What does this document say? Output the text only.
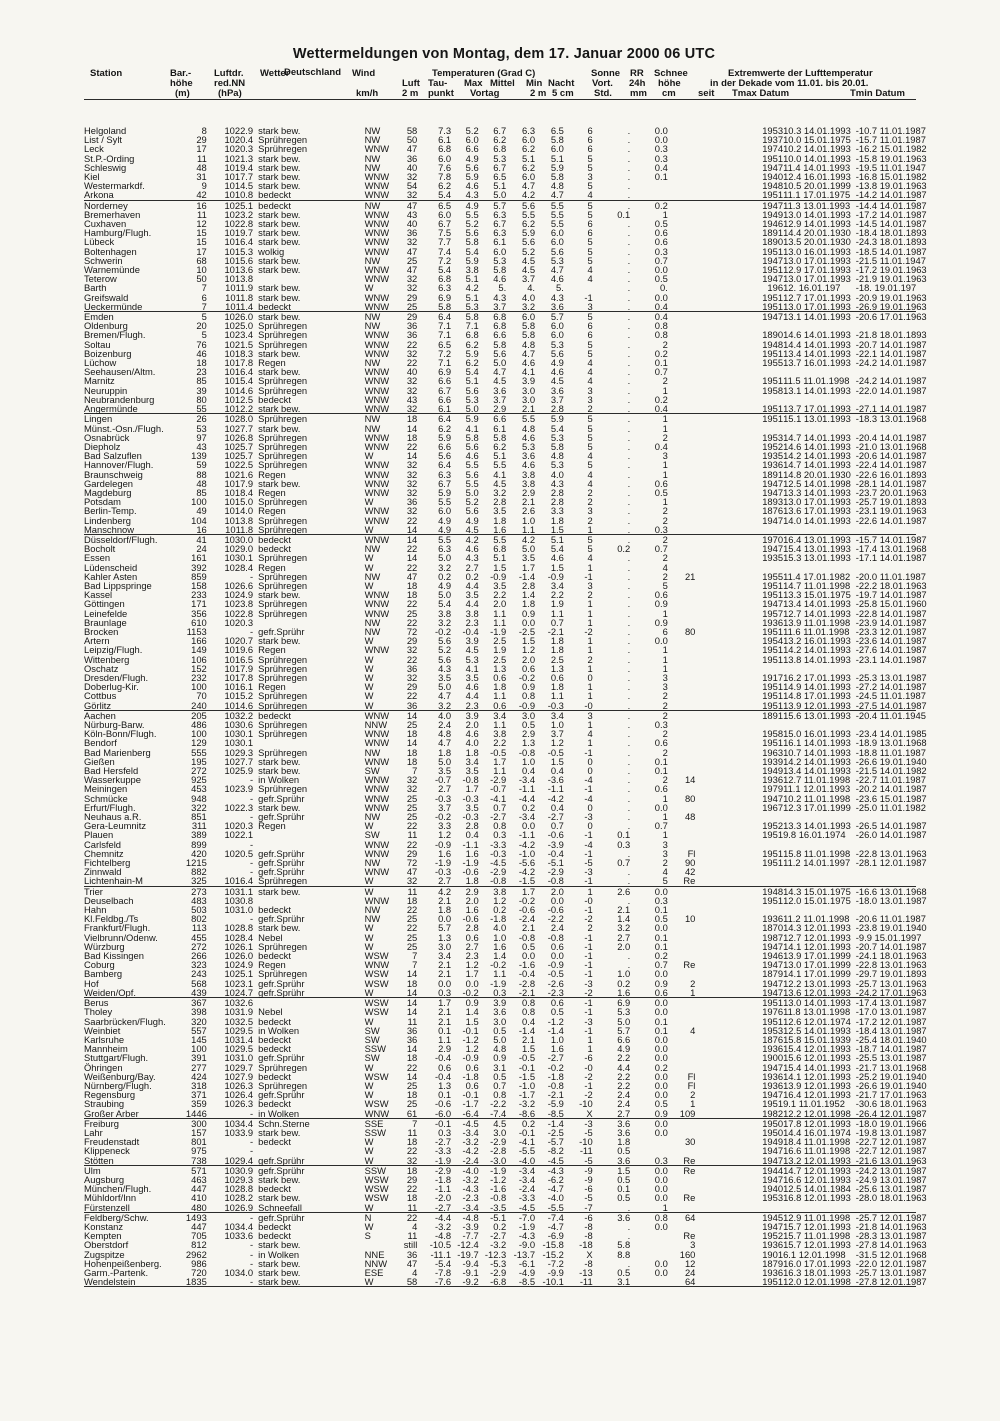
Wettermeldungen von Montag, dem 17. Januar 2000 06 UTC
Deutschland
Station	Bar.-
höhe
(m)
Luftdr.
red.NN
(hPa)
Wetter	Wind
km/h
Temperaturen (Grad C)
Luft
2 m
Tau-
punkt
Max Mittel
Vortag
Min
2 m
Nacht
5 cm
Sonne
Vort.
Std.
RR
24h
mm
Schnee
höhe
cm
Extremwerte der Lufttemperatur
in der Dekade vom 11.01. bis 20.01.
seit Tmax Datum	Tmin Datum
Helgoland	8	1022.9	stark bew.	NW	58	7.3	5.2	6.7	6.3	6.5	6	.	0.0			1953	10.3 14.01.1993	-10.7 11.01.1987
List / Sylt	29	1020.4	Sprühregen	NW	50	6.1	6.0	6.2	6.0	5.8	6	.	0.0			1937	10.0 15.01.1975	-15.7 11.01.1987
Leck	17	1020.3	Sprühregen	WNW	47	6.8	6.6	6.8	6.2	6.0	6	.	0.3			1974	10.2 14.01.1993	-16.2 15.01.1982
St.P.-Ording	11	1021.3	stark bew.	NW	36	6.0	4.9	5.3	5.1	5.1	5	.	0.3			1951	10.0 14.01.1993	-15.8 19.01.1963
Schleswig	48	1019.4	stark bew.	NW	40	7.6	5.6	6.7	6.2	5.9	5	.	0.4			1947	11.4 14.01.1993	-19.5 11.01.1947
Kiel	31	1017.7	stark bew.	WNW	32	7.8	5.9	6.5	6.0	5.8	3	.	0.1			1940	12.4 16.01.1993	-16.8 15.01.1982
Westermarkdf.	9	1014.5	stark bew.	WNW	54	6.2	4.6	5.1	4.7	4.8	5	.				1948	10.5 20.01.1999	-13.8 19.01.1963
Arkona	42	1010.8	bedeckt	WNW	32	5.4	4.3	5.0	4.2	4.7	4	.				1951	11.1 17.01.1975	-14.2 14.01.1987
Norderney	16	1025.1	bedeckt	NW	47	6.5	4.9	5.7	5.6	5.5	5	.	0.2			1947	11.3 13.01.1993	-14.4 14.01.1987
Bremerhaven	11	1023.2	stark bew.	WNW	43	6.0	5.5	6.3	5.5	5.5	5	0.1	1			1949	13.0 14.01.1993	-17.2 14.01.1987
Cuxhaven	12	1022.8	stark bew.	WNW	40	6.7	5.2	6.7	6.2	5.5	6	.	0.5			1946	12.9 14.01.1993	-14.5 14.01.1987
Hamburg/Flugh.	15	1019.7	stark bew.	WNW	36	7.5	5.6	6.3	5.9	6.0	6	.	0.6			1891	14.4 20.01.1930	-18.4 18.01.1893
Lübeck	15	1016.4	stark bew.	WNW	32	7.7	5.8	6.1	5.6	6.0	5	.	0.6			1890	13.5 20.01.1930	-24.3 18.01.1893
Boltenhagen	17	1015.3	wolkig	WNW	47	7.4	5.4	6.0	5.2	5.6	5	.	0.3			1951	13.0 16.01.1993	-18.5 14.01.1987
Schwerin	68	1015.6	stark bew.	NW	25	7.2	5.9	5.3	4.5	5.3	5	.	0.7			1947	13.0 17.01.1993	-21.5 11.01.1947
Warnemünde	10	1013.6	stark bew.	WNW	47	5.4	3.8	5.8	4.5	4.7	4	.	0.0			1951	12.9 17.01.1993	-17.2 19.01.1963
Teterow	50	1013.8		WNW	32	6.8	5.1	4.6	3.7	4.6	4	.	0.5			1947	13.0 17.01.1993	-21.9 19.01.1963
Barth	7	1011.9	stark bew.	W	32	6.3	4.2	5.	4.	5.		.	0.			196	12. 16.01.197	-18. 19.01.197
Greifswald	6	1011.8	stark bew.	WNW	29	6.9	5.1	4.3	4.0	4.3	-1	.	0.0			1951	12.7 17.01.1993	-20.9 19.01.1963
Ueckermünde	7	1011.4	bedeckt	WNW	25	5.8	5.3	3.7	3.2	3.6	3	.	0.4			1951	13.0 17.01.1993	-26.9 19.01.1963
Emden	5	1026.0	stark bew.	NW	29	6.4	5.8	6.8	6.0	5.7	5	.	0.4			1947	13.1 14.01.1993	-20.6 17.01.1963
Oldenburg	20	1025.0	Sprühregen	NW	36	7.1	7.1	6.8	5.8	6.0	6	.	0.8					
Bremen/Flugh.	5	1023.4	Sprühregen	WNW	36	7.1	6.8	6.6	5.8	6.0	6	.	0.8			1890	14.6 14.01.1993	-21.8 18.01.1893
Soltau	76	1021.5	Sprühregen	WNW	22	6.5	6.2	5.8	4.8	5.3	5	.	2			1948	14.4 14.01.1993	-20.7 14.01.1987
Boizenburg	46	1018.3	stark bew.	WNW	32	7.2	5.9	5.6	4.7	5.6	5	.	0.2			1951	13.4 14.01.1993	-22.1 14.01.1987
Lüchow	18	1017.8	Regen	NW	22	7.1	6.2	5.0	4.6	4.9	4	.	0.1			1955	13.7 16.01.1993	-24.2 14.01.1987
Seehausen/Altm.	23	1016.4	stark bew.	WNW	40	6.9	5.4	4.7	4.1	4.6	4	.	0.7					
Marnitz	85	1015.4	Sprühregen	WNW	32	6.6	5.1	4.5	3.9	4.5	4	.	2			1951	11.5 11.01.1998	-24.2 14.01.1987
Neuruppin	39	1014.6	Sprühregen	WNW	32	6.7	5.6	3.6	3.0	3.6	3	.	1			1958	13.1 14.01.1993	-22.0 14.01.1987
Neubrandenburg	80	1012.5	bedeckt	WNW	43	6.6	5.3	3.7	3.0	3.7	3	.	0.2					
Angermünde	55	1012.2	stark bew.	WNW	32	6.1	5.0	2.9	2.1	2.8	2	.	0.4			1951	13.7 17.01.1993	-27.1 14.01.1987
Lingen	26	1028.0	Sprühregen	NW	18	6.4	5.9	6.6	5.5	5.9	5	.	1			1951	15.1 13.01.1993	-18.3 13.01.1968
Münst.-Osn./Flugh.	53	1027.7	stark bew.	NW	14	6.2	4.1	6.1	4.8	5.4	5	.	1					
Osnabrück	97	1026.8	Sprühregen	WNW	18	5.9	5.8	5.8	4.6	5.3	5	.	2			1953	14.7 14.01.1993	-20.4 14.01.1987
Diepholz	43	1025.7	Sprühregen	WNW	22	6.6	5.6	6.2	5.3	5.8	5	.	0.4			1952	14.6 14.01.1993	-21.0 13.01.1968
Bad Salzuflen	139	1025.7	Sprühregen	W	14	5.6	4.6	5.1	3.6	4.8	4	.	3			1935	14.2 14.01.1993	-20.6 14.01.1987
Hannover/Flugh.	59	1022.5	Sprühregen	WNW	32	6.4	5.5	5.5	4.6	5.3	5	.	1			1936	14.7 14.01.1993	-22.4 14.01.1987
Braunschweig	88	1021.6	Regen	WNW	32	6.3	5.6	4.1	3.8	4.0	4	.	1			1891	14.8 20.01.1930	-22.6 16.01.1893
Gardelegen	48	1017.9	stark bew.	WNW	32	6.7	5.5	4.5	3.8	4.3	4	.	0.6			1947	12.5 14.01.1998	-28.1 14.01.1987
Magdeburg	85	1018.4	Regen	WNW	32	5.9	5.0	3.2	2.9	2.8	2	.	0.5			1947	13.3 14.01.1993	-23.7 20.01.1963
Potsdam	100	1015.0	Sprühregen	W	36	5.5	5.2	2.8	2.1	2.8	2	.	1			1893	13.0 17.01.1993	-25.7 19.01.1893
Berlin-Temp.	49	1014.0	Regen	WNW	32	6.0	5.6	3.5	2.6	3.3	3	.	2			1876	13.6 17.01.1993	-23.1 19.01.1963
Lindenberg	104	1013.8	Sprühregen	WNW	22	4.9	4.9	1.8	1.0	1.8	2	.	2			1947	14.0 14.01.1993	-22.6 14.01.1987
Manschnow	16	1011.8	Sprühregen	W	14	4.9	4.5	1.6	1.1	1.5	1	.	0.3					
Düsseldorf/Flugh.	41	1030.0	bedeckt	WNW	14	5.5	4.2	5.5	4.2	5.1	5	.	2			1970	16.4 13.01.1993	-15.7 14.01.1987
Bocholt	24	1029.0	bedeckt	NW	22	6.3	4.6	6.8	5.0	5.4	5	0.2	0.7			1947	15.4 13.01.1993	-17.4 13.01.1968
Essen	161	1030.1	Sprühregen	W	14	5.0	4.3	5.1	3.5	4.6	4	.	2			1935	15.3 13.01.1993	-17.1 14.01.1987
Lüdenscheid	392	1028.4	Regen	W	22	3.2	2.7	1.5	1.7	1.5	1	.	4					
Kahler Asten	859	-	Sprühregen	NW	47	0.2	0.2	-0.9	-1.4	-0.9	-1	.	2	21		1955	11.4 17.01.1982	-20.0 11.01.1987
Bad Lippspringe	158	1026.6	Sprühregen	W	18	4.9	4.4	3.5	2.8	3.4	3	.	5			1951	14.7 11.01.1998	-22.2 18.01.1963
Kassel	233	1024.9	stark bew.	WNW	18	5.0	3.5	2.2	1.4	2.2	2	.	0.6			1951	13.3 15.01.1975	-19.7 14.01.1987
Göttingen	171	1023.8	Sprühregen	WNW	22	5.4	4.4	2.0	1.8	1.9	1	.	0.9			1947	13.4 14.01.1993	-25.8 15.01.1960
Leinefelde	356	1022.8	Sprühregen	WNW	25	3.8	3.8	1.1	0.9	1.1	1	.	1			1957	12.7 14.01.1993	-22.8 14.01.1987
Braunlage	610	1020.3		NW	22	3.2	2.3	1.1	0.0	0.7	1	.	0.9			1936	13.9 11.01.1998	-23.9 14.01.1987
Brocken	1153	-	gefr.Sprühr	NW	72	-0.2	-0.4	-1.9	-2.5	-2.1	-2	.	6	80		1951	11.6 11.01.1998	-23.3 12.01.1987
Artern	166	1020.7	stark bew.	W	29	5.6	3.9	2.5	1.5	1.8	1	.	0.0			1954	13.2 16.01.1993	-23.6 14.01.1987
Leipzig/Flugh.	149	1019.6	Regen	WNW	32	5.2	4.5	1.9	1.2	1.8	1	.	1			1951	14.2 14.01.1993	-27.6 14.01.1987
Wittenberg	106	1016.5	Sprühregen	W	22	5.6	5.3	2.5	2.0	2.5	2	.	1			1951	13.8 14.01.1993	-23.1 14.01.1987
Oschatz	152	1017.9	Sprühregen	W	36	4.3	4.1	1.3	0.6	1.3	1	.	1					
Dresden/Flugh.	232	1017.8	Sprühregen	W	32	3.5	3.5	0.6	-0.2	0.6	0	.	3			1917	16.2 17.01.1993	-25.3 13.01.1987
Doberlug-Kir.	100	1016.1	Regen	W	29	5.0	4.6	1.8	0.9	1.8	1	.	3			1951	14.9 14.01.1993	-27.2 14.01.1987
Cottbus	70	1015.2	Sprühregen	W	22	4.7	4.4	1.1	0.8	1.1	1	.	2			1951	14.8 17.01.1993	-24.5 11.01.1987
Görlitz	240	1014.6	Sprühregen	W	36	3.2	2.3	0.6	-0.9	-0.3	-0	.	2			1951	13.9 12.01.1993	-27.5 14.01.1987
Aachen	205	1032.2	bedeckt	WNW	14	4.0	3.9	3.4	3.0	3.4	3	.	2			1891	15.6 13.01.1993	-20.4 11.01.1945
Nürburg-Barw.	486	1030.6	Sprühregen	NNW	25	2.4	2.0	1.1	0.5	1.0	1	.	0.3					
Köln-Bonn/Flugh.	100	1030.1	Sprühregen	WNW	18	4.8	4.6	3.8	2.9	3.7	4	.	2			1958	15.0 16.01.1993	-23.4 14.01.1985
Bendorf	129	1030.1		WNW	14	4.7	4.0	2.2	1.3	1.2	1	.	0.6			1951	16.1 14.01.1993	-18.9 13.01.1968
Bad Marienberg	555	1029.3	Sprühregen	NW	18	1.8	1.8	-0.5	-0.8	-0.5	-1	.	2			1963	10.7 14.01.1993	-18.8 11.01.1987
Gießen	195	1027.7	stark bew.	WNW	18	5.0	3.4	1.7	1.0	1.5	0	.	0.1			1939	14.2 14.01.1993	-26.6 19.01.1940
Bad Hersfeld	272	1025.9	stark bew.	SW	7	3.5	3.5	1.1	0.4	0.4	0	.	0.1			1949	13.4 14.01.1993	-21.5 14.01.1982
Wasserkuppe	925	-	in Wolken	WNW	32	-0.7	-0.8	-2.9	-3.4	-3.6	-4	.	2	14		1936	12.7 11.01.1998	-22.7 11.01.1987
Meiningen	453	1023.9	Sprühregen	WNW	32	2.7	1.7	-0.7	-1.1	-1.1	-1	.	0.6			1979	11.1 12.01.1993	-20.2 14.01.1987
Schmücke	948	-	gefr.Sprühr	WNW	25	-0.3	-0.3	-4.1	-4.4	-4.2	-4	.	1	80		1947	10.2 11.01.1998	-23.6 15.01.1987
Erfurt/Flugh.	322	1022.3	stark bew.	WNW	25	3.7	3.5	0.7	0.2	0.4	0	.	0.0			1967	12.3 17.01.1999	-25.0 11.01.1982
Neuhaus a.R.	851	-	gefr.Sprühr	NW	25	-0.2	-0.3	-2.7	-3.4	-2.7	-3	.	1	48				
Gera-Leumnitz	311	1020.3	Regen	W	22	3.3	2.8	0.8	0.0	0.7	0	.	0.7			1952	13.3 14.01.1993	-26.5 14.01.1987
Plauen	389	1022.1		SW	11	1.2	0.4	0.3	-1.1	-0.6	-1	0.1	1			1951	9.8 16.01.1974	-26.0 14.01.1987
Carlsfeld	899	-		WNW	22	-0.9	-1.1	-3.3	-4.2	-3.9	-4	0.3	3					
Chemnitz	420	1020.5	gefr.Sprühr	WNW	29	1.6	1.6	-0.3	-1.0	-0.4	-1	.	3	Fl		1951	15.8 11.01.1998	-22.8 13.01.1963
Fichtelberg	1215	-	gefr.Sprühr	NW	72	-1.9	-1.9	-4.5	-5.6	-5.1	-5	0.7	2	90		1951	11.2 14.01.1997	-28.1 12.01.1987
Zinnwald	882	-	gefr.Sprühr	WNW	47	-0.3	-0.6	-2.9	-4.2	-2.9	-3	.	4	42				
Lichtenhain-M	325	1016.4	Sprühregen	W	32	2.7	1.8	-0.8	-1.5	-0.8	-1	.	5	Re				
Trier	273	1031.1	stark bew.	W	11	4.2	2.9	3.8	1.7	2.0	1	2.6	0.0			1948	14.3 15.01.1975	-16.6 13.01.1968
Deuselbach	483	1030.8		WNW	18	2.1	2.0	1.2	-0.2	0.0	-0	.	0.3			1951	12.0 15.01.1975	-18.0 13.01.1987
Hahn	503	1031.0	bedeckt	NW	22	1.8	1.6	0.2	-0.6	-0.6	-1	2.1	0.1					
Kl.Feldbg./Ts	802	-	gefr.Sprühr	NW	25	0.0	-0.6	-1.8	-2.4	-2.2	-2	1.4	0.5	10		1936	11.2 11.01.1998	-20.6 11.01.1987
Frankfurt/Flugh.	113	1028.8	stark bew.	W	22	5.7	2.8	4.0	2.1	2.4	2	3.2	0.0			1870	14.3 12.01.1993	-23.8 19.01.1940
Vielbrunn/Odenw.	455	1028.4	Nebel	W	25	1.3	0.6	1.0	-0.8	-0.8	-1	2.7	0.1			1987	12.7 12.01.1993	-9.9 15.01.1997
Würzburg	272	1026.1	Sprühregen	W	25	3.0	2.7	1.6	0.5	0.6	-1	2.0	0.1			1947	14.1 12.01.1993	-20.7 14.01.1987
Bad Kissingen	266	1026.0	bedeckt	WSW	7	3.4	2.3	1.4	0.0	0.0	-1	.	0.2			1946	13.9 17.01.1999	-24.1 18.01.1963
Coburg	323	1024.9	Regen	WNW	7	2.1	1.2	-0.2	-1.6	-0.9	-1	.	0.7	Re		1947	13.0 17.01.1999	-22.8 13.01.1963
Bamberg	243	1025.1	Sprühregen	WSW	14	2.1	1.7	1.1	-0.4	-0.5	-1	1.0	0.0			1879	14.1 17.01.1999	-29.7 19.01.1893
Hof	568	1023.1	gefr.Sprühr	WSW	18	0.0	0.0	-1.9	-2.8	-2.6	-3	0.2	0.9	2		1947	12.2 13.01.1993	-25.7 13.01.1963
Weiden/Opf.	439	1024.7	gefr.Sprühr	W	14	0.3	-0.2	0.3	-2.1	-2.3	-2	1.6	0.6	1		1947	13.6 12.01.1993	-24.2 17.01.1963
Berus	367	1032.6		WSW	14	1.7	0.9	3.9	0.8	0.6	-1	6.9	0.0			1951	13.0 14.01.1993	-17.4 13.01.1987
Tholey	398	1031.9	Nebel	WSW	14	2.1	1.4	3.6	0.8	0.5	-1	5.3	0.0			1976	11.8 13.01.1998	-17.0 13.01.1987
Saarbrücken/Flugh.	320	1032.5	bedeckt	W	11	2.1	1.5	3.0	0.4	-1.2	-3	5.0	0.1			1951	12.6 12.01.1974	-17.2 12.01.1987
Weinbiet	557	1029.5	in Wolken	SW	36	0.1	-0.1	0.5	-1.4	-1.4	-1	5.7	0.1	4		1953	12.5 14.01.1993	-18.4 13.01.1987
Karlsruhe	145	1031.4	bedeckt	SW	36	1.1	-1.2	5.0	2.1	1.0	1	6.6	0.0			1876	15.8 15.01.1939	-25.4 18.01.1940
Mannheim	100	1029.5	bedeckt	SSW	14	2.9	1.2	4.8	1.5	1.6	1	4.9	0.0			1936	15.4 12.01.1993	-18.7 14.01.1987
Stuttgart/Flugh.	391	1031.0	gefr.Sprühr	SW	18	-0.4	-0.9	0.9	-0.5	-2.7	-6	2.2	0.0			1900	15.6 12.01.1993	-25.5 13.01.1987
Öhringen	277	1029.7	Sprühregen	W	22	0.6	0.6	3.1	-0.1	-0.2	-0	4.4	0.2			1947	15.4 14.01.1993	-21.7 13.01.1968
Weißenburg/Bay.	424	1027.9	bedeckt	WSW	14	-0.4	-1.8	0.5	-1.5	-1.8	-2	2.2	0.0	Fl		1936	14.1 12.01.1993	-25.2 19.01.1940
Nürnberg/Flugh.	318	1026.3	Sprühregen	W	25	1.3	0.6	0.7	-1.0	-0.8	-1	2.2	0.0	Fl		1936	13.9 12.01.1993	-26.6 19.01.1940
Regensburg	371	1026.4	gefr.Sprühr	W	18	0.1	-0.1	0.8	-1.7	-2.1	-2	2.4	0.0	2		1947	16.4 12.01.1993	-21.7 17.01.1963
Straubing	359	1026.3	bedeckt	WSW	25	-0.6	-1.7	-2.2	-3.2	-5.9	-10	2.4	0.5	1		1951	9.1 11.01.1952	-30.6 18.01.1963
Großer Arber	1446	-	in Wolken	WNW	61	-6.0	-6.4	-7.4	-8.6	-8.5	X	2.7	0.9	109		1982	12.2 12.01.1998	-26.4 12.01.1987
Freiburg	300	1034.4	Schn.Sterne	SSE	7	-0.1	-4.5	4.5	0.2	-1.4	-3	3.6	0.0			1950	17.8 12.01.1993	-18.0 19.01.1966
Lahr	157	1033.9	stark bew.	SSW	11	0.3	-3.4	3.0	-0.1	-2.5	-5	3.6	0.0			1950	14.4 16.01.1974	-19.8 13.01.1987
Freudenstadt	801	-	bedeckt	W	18	-2.7	-3.2	-2.9	-4.1	-5.7	-10	1.8		30		1949	18.4 11.01.1998	-22.7 12.01.1987
Klippeneck	975	-		W	22	-3.3	-4.2	-2.8	-5.5	-8.2	-11	0.5				1947	16.6 11.01.1998	-22.7 12.01.1987
Stötten	738	1029.4	gefr.Sprühr	W	32	-1.9	-2.4	-3.0	-4.0	-4.5	-5	3.6	0.3	Re		1947	13.2 12.01.1993	-21.6 13.01.1963
Ulm	571	1030.9	gefr.Sprühr	SSW	18	-2.9	-4.0	-1.9	-3.4	-4.3	-9	1.5	0.0	Re		1944	14.7 12.01.1993	-24.2 13.01.1987
Augsburg	463	1029.3	stark bew.	WSW	29	-1.8	-3.2	-1.2	-3.4	-6.2	-9	0.5	0.0			1947	16.6 12.01.1993	-24.9 13.01.1987
München/Flugh.	447	1028.8	bedeckt	WSW	22	-1.1	-4.3	-1.6	-2.4	-4.7	-6	0.1	0.0			1940	12.5 14.01.1984	-25.6 13.01.1987
Mühldorf/Inn	410	1028.2	stark bew.	WSW	18	-2.0	-2.3	-0.8	-3.3	-4.0	-5	0.5	0.0	Re		1953	16.8 12.01.1993	-28.0 18.01.1963
Fürstenzell	480	1026.9	Schneefall	W	11	-2.7	-3.4	-3.5	-4.5	-5.5	-7	.	1					
Feldberg/Schw.	1493	-	gefr.Sprühr	N	22	-4.4	-4.8	-5.1	-7.0	-7.4	-6	3.6	0.8	64		1945	12.9 11.01.1998	-25.7 12.01.1987
Konstanz	447	1034.4	bedeckt	W	4	-3.2	-3.9	0.2	-1.9	-4.7	-8	.	0.0			1947	15.7 12.01.1993	-21.8 14.01.1963
Kempten	705	1033.6	bedeckt	S	11	-4.8	-7.7	-2.7	-4.3	-6.9	-8	.		Re		1952	15.7 11.01.1998	-28.3 13.01.1987
Oberstdorf	812	-	stark bew.		still	-10.5	-12.4	-3.2	-9.0	-15.8	-18	5.8		3		1936	15.7 12.01.1993	-27.8 14.01.1963
Zugspitze	2962	-	in Wolken	NNE	36	-11.1	-19.7	-12.3	-13.7	-15.2	X	8.8		160		1901	6.1 12.01.1998	-31.5 12.01.1968
Hohenpeißenberg.	986	-	stark bew.	NNW	47	-5.4	-9.4	-5.3	-6.1	-7.2	-8	.	0.0	12		1879	16.0 17.01.1993	-22.0 12.01.1987
Garm.-Partenk.	720	1034.0	stark bew.	ESE	4	-7.8	-9.1	-2.9	-4.9	-9.9	-13	0.5	0.0	24		1936	16.3 18.01.1993	-25.7 13.01.1987
Wendelstein	1835	-	stark bew.	W	58	-7.6	-9.2	-6.8	-8.5	-10.1	-11	3.1		64		1951	12.0 12.01.1998	-27.8 12.01.1987
